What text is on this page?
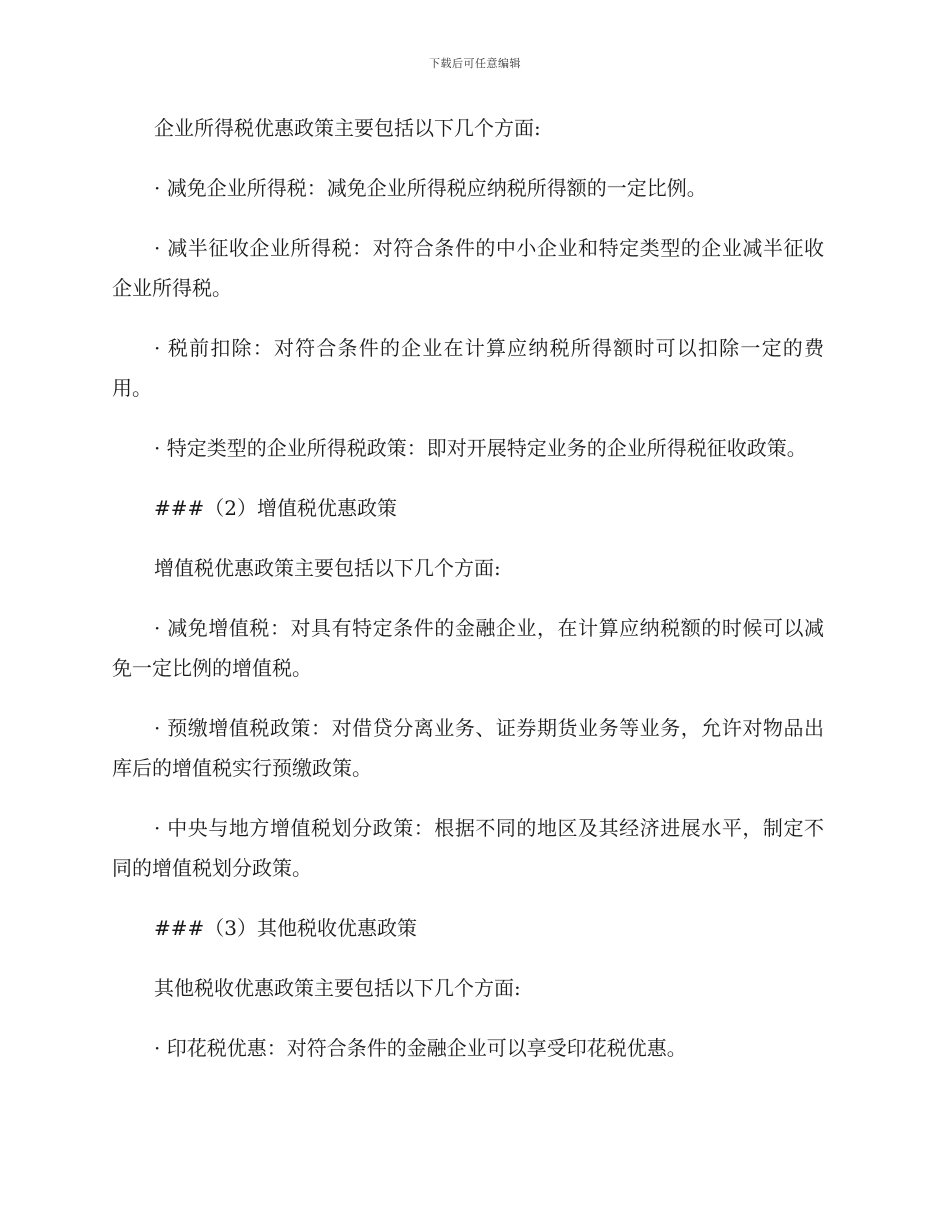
下载后可任意编辑

企业所得税优惠政策主要包括以下几个方面:

· 减免企业所得税：减免企业所得税应纳税所得额的一定比例。

· 减半征收企业所得税：对符合条件的中小企业和特定类型的企业减半征收企业所得税。

· 税前扣除：对符合条件的企业在计算应纳税所得额时可以扣除一定的费用。

· 特定类型的企业所得税政策：即对开展特定业务的企业所得税征收政策。

###（2）增值税优惠政策

增值税优惠政策主要包括以下几个方面:

· 减免增值税：对具有特定条件的金融企业，在计算应纳税额的时候可以减免一定比例的增值税。

· 预缴增值税政策：对借贷分离业务、证券期货业务等业务，允许对物品出库后的增值税实行预缴政策。

· 中央与地方增值税划分政策：根据不同的地区及其经济进展水平，制定不同的增值税划分政策。

###（3）其他税收优惠政策

其他税收优惠政策主要包括以下几个方面:

· 印花税优惠：对符合条件的金融企业可以享受印花税优惠。
